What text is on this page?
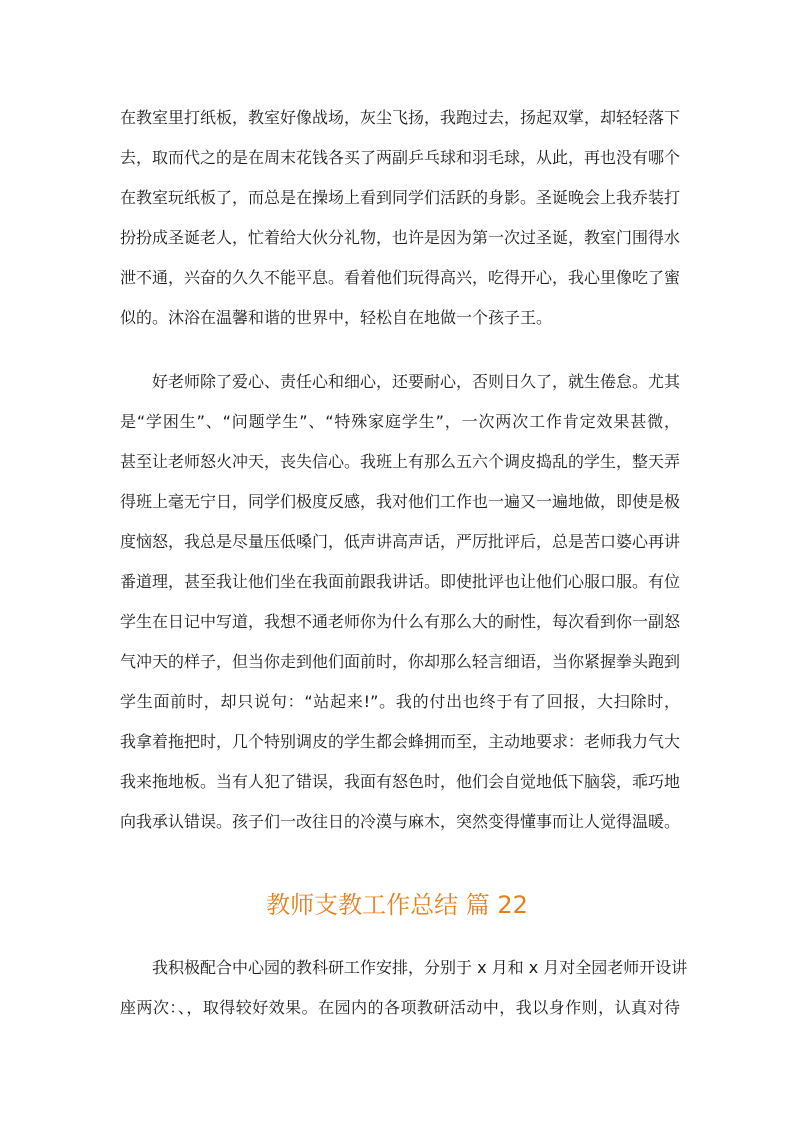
在教室里打纸板，教室好像战场，灰尘飞扬，我跑过去，扬起双掌，却轻轻落下
去，取而代之的是在周末花钱各买了两副乒乓球和羽毛球，从此，再也没有哪个
在教室玩纸板了，而总是在操场上看到同学们活跃的身影。圣诞晚会上我乔装打
扮扮成圣诞老人，忙着给大伙分礼物，也许是因为第一次过圣诞，教室门围得水
泄不通，兴奋的久久不能平息。看着他们玩得高兴，吃得开心，我心里像吃了蜜
似的。沐浴在温馨和谐的世界中，轻松自在地做一个孩子王。
好老师除了爱心、责任心和细心，还要耐心，否则日久了，就生倦怠。尤其
是“学困生”、“问题学生”、“特殊家庭学生”，一次两次工作肯定效果甚微，
甚至让老师怒火冲天，丧失信心。我班上有那么五六个调皮捣乱的学生，整天弄
得班上毫无宁日，同学们极度反感，我对他们工作也一遍又一遍地做，即使是极
度恼怒，我总是尽量压低嗓门，低声讲高声话，严厉批评后，总是苦口婆心再讲
番道理，甚至我让他们坐在我面前跟我讲话。即使批评也让他们心服口服。有位
学生在日记中写道，我想不通老师你为什么有那么大的耐性，每次看到你一副怒
气冲天的样子，但当你走到他们面前时，你却那么轻言细语，当你紧握拳头跑到
学生面前时，却只说句：“站起来!”。我的付出也终于有了回报，大扫除时，
我拿着拖把时，几个特别调皮的学生都会蜂拥而至，主动地要求：老师我力气大
我来拖地板。当有人犯了错误，我面有怒色时，他们会自觉地低下脑袋，乖巧地
向我承认错误。孩子们一改往日的冷漠与麻木，突然变得懂事而让人觉得温暖。
教师支教工作总结 篇 22
我积极配合中心园的教科研工作安排，分别于 x 月和 x 月对全园老师开设讲
座两次：、，取得较好效果。在园内的各项教研活动中，我以身作则，认真对待
